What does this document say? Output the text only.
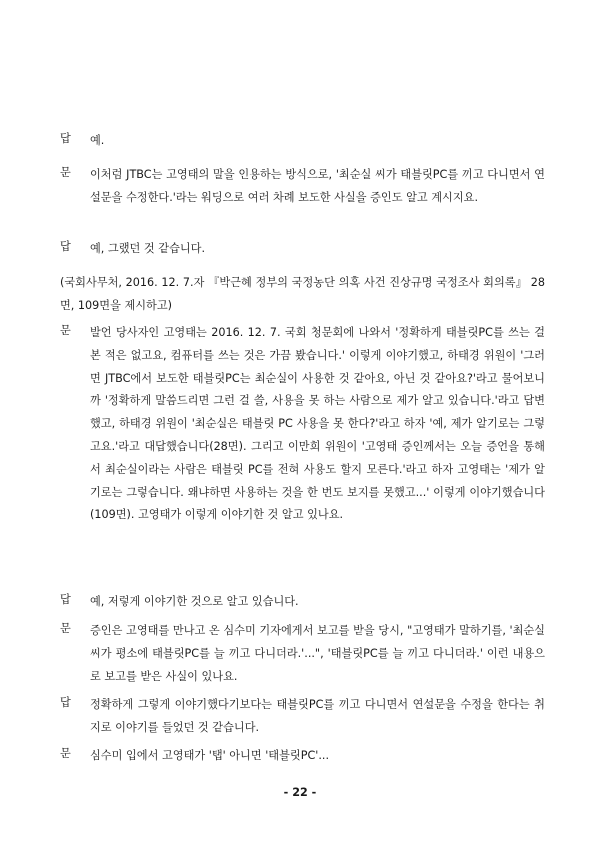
답	예.
문	이처럼 JTBC는 고영태의 말을 인용하는 방식으로, '최순실 씨가 태블릿PC를 끼고 다니면서 연설문을 수정한다.'라는 워딩으로 여러 차례 보도한 사실을 증인도 알고 계시지요.
답	예, 그랬던 것 같습니다.
(국회사무처, 2016. 12. 7.자 『박근혜 정부의 국정농단 의혹 사건 진상규명 국정조사 회의록』 28면, 109면을 제시하고)
문	발언 당사자인 고영태는 2016. 12. 7. 국회 청문회에 나와서 '정확하게 태블릿PC를 쓰는 걸 본 적은 없고요, 컴퓨터를 쓰는 것은 가끔 봤습니다.' 이렇게 이야기했고, 하태경 위원이 '그러면 JTBC에서 보도한 태블릿PC는 최순실이 사용한 것 같아요, 아닌 것 같아요?'라고 물어보니까 '정확하게 말씀드리면 그런 걸 쓸, 사용을 못 하는 사람으로 제가 알고 있습니다.'라고 답변했고, 하태경 위원이 '최순실은 태블릿 PC 사용을 못 한다?'라고 하자 '예, 제가 알기로는 그렇고요.'라고 대답했습니다(28면). 그리고 이만희 위원이 '고영태 증인께서는 오늘 증언을 통해서 최순실이라는 사람은 태블릿 PC를 전혀 사용도 할지 모른다.'라고 하자 고영태는 '제가 알기로는 그렇습니다. 왜냐하면 사용하는 것을 한 번도 보지를 못했고...' 이렇게 이야기했습니다(109면). 고영태가 이렇게 이야기한 것 알고 있나요.
답	예, 저렇게 이야기한 것으로 알고 있습니다.
문	증인은 고영태를 만나고 온 심수미 기자에게서 보고를 받을 당시, "고영태가 말하기를, '최순실 씨가 평소에 태블릿PC를 늘 끼고 다니더라.'...", '태블릿PC를 늘 끼고 다니더라.' 이런 내용으로 보고를 받은 사실이 있나요.
답	정확하게 그렇게 이야기했다기보다는 태블릿PC를 끼고 다니면서 연설문을 수정을 한다는 취지로 이야기를 들었던 것 같습니다.
문	심수미 입에서 고영태가 '탭' 아니면 '태블릿PC'...
- 22 -
